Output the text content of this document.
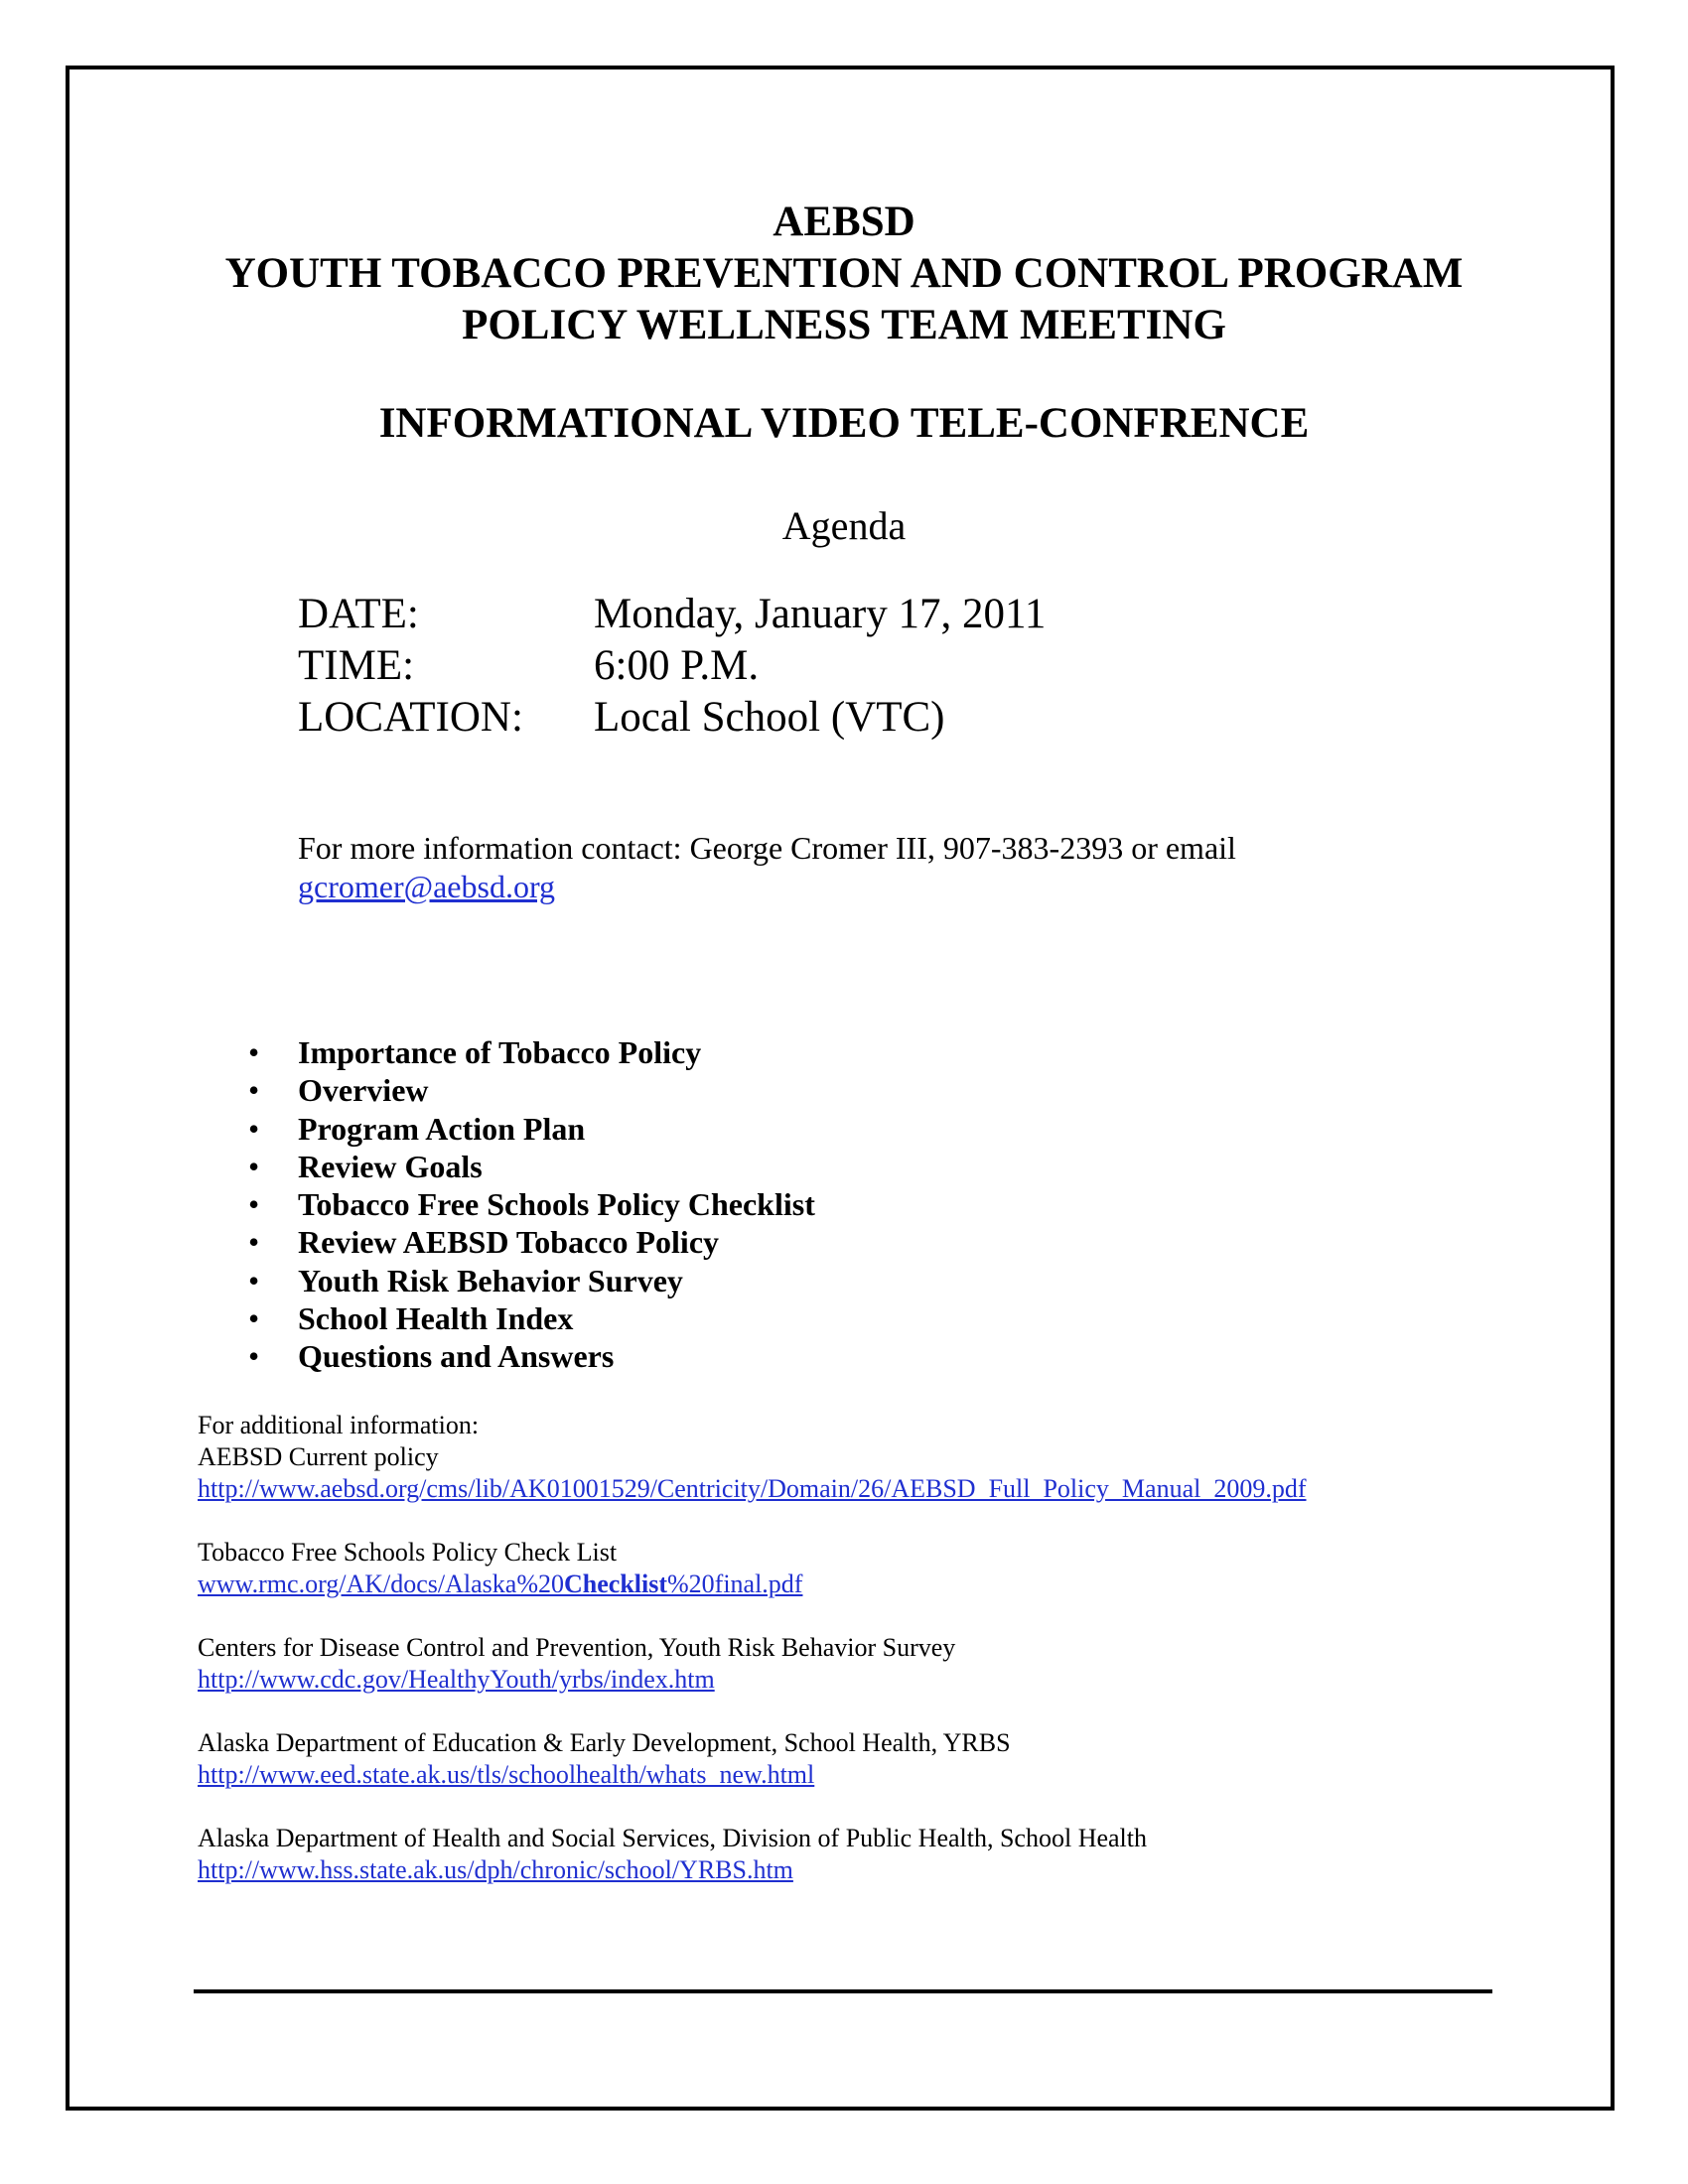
AEBSD
YOUTH TOBACCO PREVENTION AND CONTROL PROGRAM
POLICY WELLNESS TEAM MEETING
INFORMATIONAL VIDEO TELE-CONFRENCE
Agenda
DATE:	Monday, January 17, 2011
TIME:	6:00 P.M.
LOCATION: Local School (VTC)
For more information contact: George Cromer III, 907-383-2393 or email
gcromer@aebsd.org
• Importance of Tobacco Policy
• Overview
• Program Action Plan
• Review Goals
• Tobacco Free Schools Policy Checklist
• Review AEBSD Tobacco Policy
• Youth Risk Behavior Survey
• School Health Index
• Questions and Answers
For additional information:
AEBSD Current policy
http://www.aebsd.org/cms/lib/AK01001529/Centricity/Domain/26/AEBSD_Full_Policy_Manual_2009.pdf
Tobacco Free Schools Policy Check List
www.rmc.org/AK/docs/Alaska%20Checklist%20final.pdf
Centers for Disease Control and Prevention, Youth Risk Behavior Survey
http://www.cdc.gov/HealthyYouth/yrbs/index.htm
Alaska Department of Education & Early Development, School Health, YRBS
http://www.eed.state.ak.us/tls/schoolhealth/whats_new.html
Alaska Department of Health and Social Services, Division of Public Health, School Health
http://www.hss.state.ak.us/dph/chronic/school/YRBS.htm
